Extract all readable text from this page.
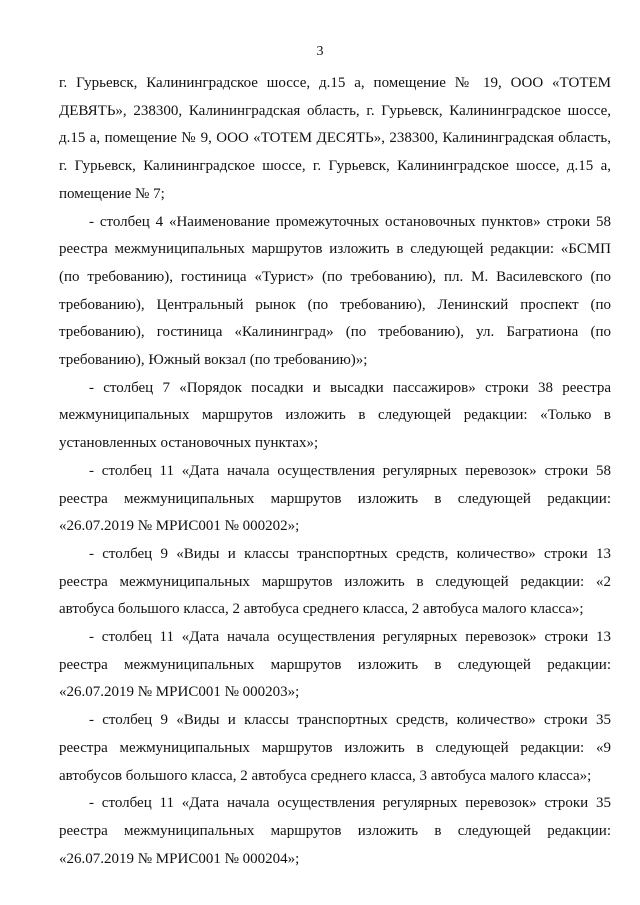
3

г. Гурьевск, Калининградское шоссе, д.15 а, помещение № 19, ООО «ТОТЕМ ДЕВЯТЬ», 238300, Калининградская область, г. Гурьевск, Калининградское шоссе, д.15 а, помещение № 9, ООО «ТОТЕМ ДЕСЯТЬ», 238300, Калининградская область, г. Гурьевск, Калининградское шоссе, г. Гурьевск, Калининградское шоссе, д.15 а, помещение № 7;

- столбец 4 «Наименование промежуточных остановочных пунктов» строки 58 реестра межмуниципальных маршрутов изложить в следующей редакции: «БСМП (по требованию), гостиница «Турист» (по требованию), пл. М. Василевского (по требованию), Центральный рынок (по требованию), Ленинский проспект (по требованию), гостиница «Калининград» (по требованию), ул. Багратиона (по требованию), Южный вокзал (по требованию)»;

- столбец 7 «Порядок посадки и высадки пассажиров» строки 38 реестра межмуниципальных маршрутов изложить в следующей редакции: «Только в установленных остановочных пунктах»;

- столбец 11 «Дата начала осуществления регулярных перевозок» строки 58 реестра межмуниципальных маршрутов изложить в следующей редакции: «26.07.2019 № МРИС001 № 000202»;

- столбец 9 «Виды и классы транспортных средств, количество» строки 13 реестра межмуниципальных маршрутов изложить в следующей редакции: «2 автобуса большого класса, 2 автобуса среднего класса, 2 автобуса малого класса»;

- столбец 11 «Дата начала осуществления регулярных перевозок» строки 13 реестра межмуниципальных маршрутов изложить в следующей редакции: «26.07.2019 № МРИС001 № 000203»;

- столбец 9 «Виды и классы транспортных средств, количество» строки 35 реестра межмуниципальных маршрутов изложить в следующей редакции: «9 автобусов большого класса, 2 автобуса среднего класса, 3 автобуса малого класса»;

- столбец 11 «Дата начала осуществления регулярных перевозок» строки 35 реестра межмуниципальных маршрутов изложить в следующей редакции: «26.07.2019 № МРИС001 № 000204»;
